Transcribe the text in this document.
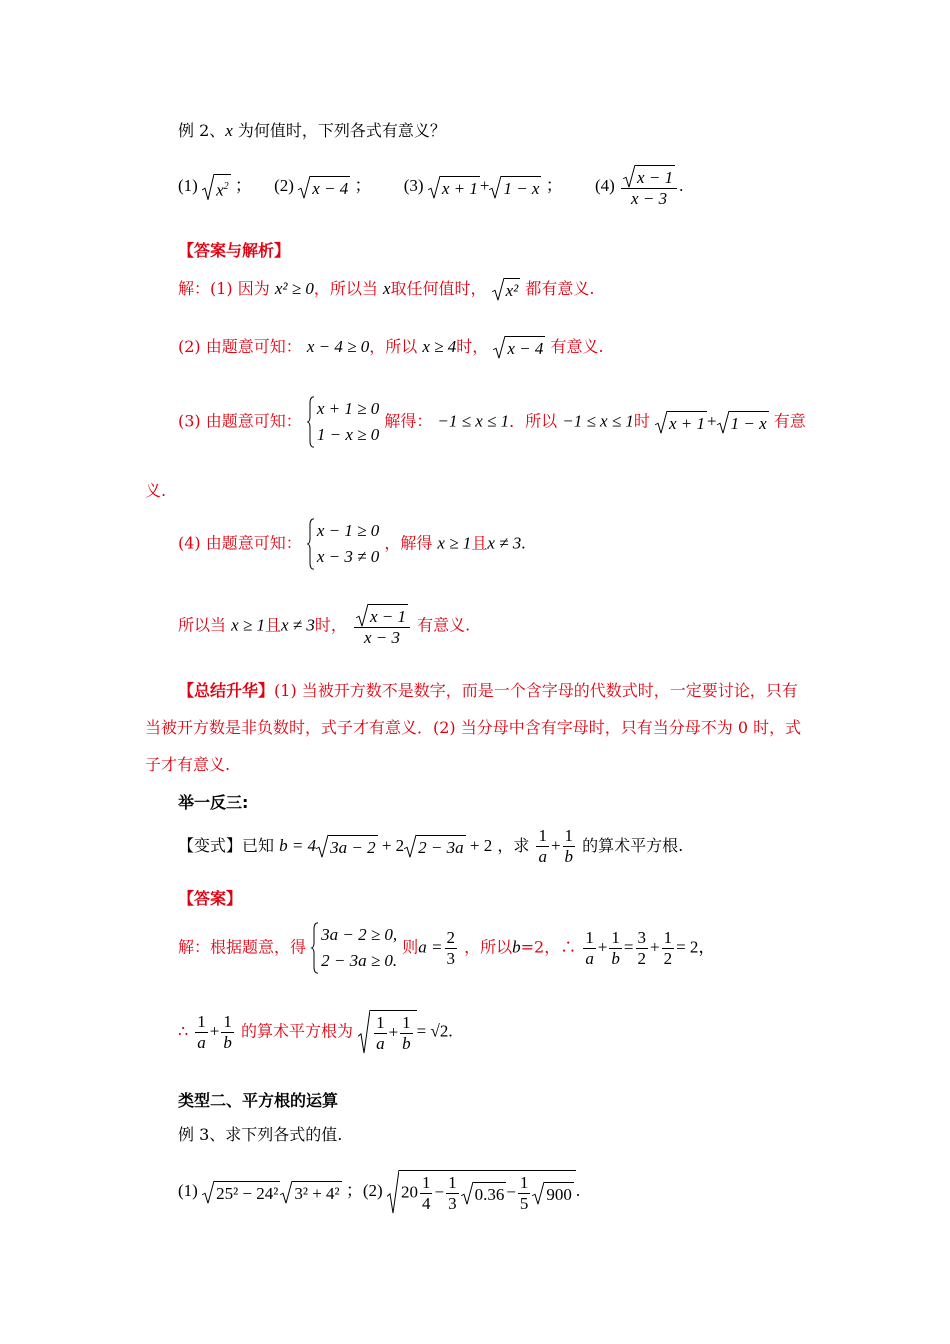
例 2、x 为何值时，下列各式有意义？
(1) $x^2$ ； (2) x − 4 ； (3) x + 1 + 1 − x ； $(4) \frac{x - 1}{x - 3}$ .
【答案与解析】
解：(1) 因为 x² ≥ 0，所以当 x取任何值时， x² 都有意义.
(2) 由题意可知： x − 4 ≥ 0，所以 x ≥ 4时， x − 4 有意义.
(3) 由题意可知：
x + 1 ≥ 0
1 − x ≥ 0
解得： −1 ≤ x ≤ 1．所以 −1 ≤ x ≤ 1时 x + 1 + 1 − x 有意
义.
(4) 由题意可知：
x − 1 ≥ 0
x − 3 ≠ 0
，解得 x ≥ 1且x ≠ 3.
所以当 x ≥ 1且x ≠ 3时， $\frac{x - 1}{x - 3}$ 有意义.
【总结升华】(1) 当被开方数不是数字，而是一个含字母的代数式时，一定要讨论，只有当被开方数是非负数时，式子才有意义．(2) 当分母中含有字母时，只有当分母不为 0 时，式子才有意义.
举一反三:
【变式】已知 b = 4 3a − 2 + 2 2 − 3a + 2 ，求 $\frac{1}{a} + \frac{1}{b}$ 的算术平方根.
【答案】
解：根据题意，得
3a − 2 ≥ 0,
2 − 3a ≥ 0.
则$a = \frac{2}{3}$ ，所以b=2，∴ $\frac{1}{a} + \frac{1}{b} = \frac{3}{2} + \frac{1}{2} = 2$，
∴ $\frac{1}{a} + \frac{1}{b}$ 的算术平方根为 $\frac{1}{a} + \frac{1}{b} = √2$.
类型二、平方根的运算
例 3、求下列各式的值.
(1) 25² − 24² 3² + 4² ；(2) $20 \frac{1}{4} - \frac{1}{3} 0.36 - \frac{1}{5} 900$ .
